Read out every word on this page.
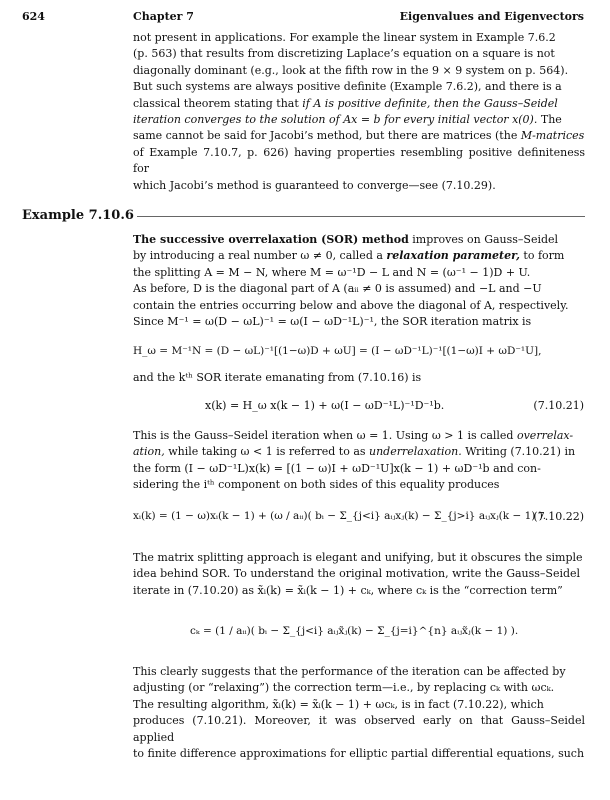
624	Chapter 7	Eigenvalues and Eigenvectors
not present in applications. For example the linear system in Example 7.6.2
(p. 563) that results from discretizing Laplace’s equation on a square is not
diagonally dominant (e.g., look at the fifth row in the 9 × 9 system on p. 564).
But such systems are always positive definite (Example 7.6.2), and there is a
classical theorem stating that if A is positive definite, then the Gauss–Seidel
iteration converges to the solution of Ax = b for every initial vector x(0). The
same cannot be said for Jacobi’s method, but there are matrices (the M-matrices
of Example 7.10.7, p. 626) having properties resembling positive definiteness for
which Jacobi’s method is guaranteed to converge—see (7.10.29).
Example 7.10.6
The successive overrelaxation (SOR) method improves on Gauss–Seidel
by introducing a real number ω ≠ 0, called a relaxation parameter, to form
the splitting A = M − N, where M = ω⁻¹D − L and N = (ω⁻¹ − 1)D + U.
As before, D is the diagonal part of A (aᵢᵢ ≠ 0 is assumed) and −L and −U
contain the entries occurring below and above the diagonal of A, respectively.
Since M⁻¹ = ω(D − ωL)⁻¹ = ω(I − ωD⁻¹L)⁻¹, the SOR iteration matrix is
H_ω = M⁻¹N = (D − ωL)⁻¹[(1−ω)D + ωU] = (I − ωD⁻¹L)⁻¹[(1−ω)I + ωD⁻¹U],
and the kᵗʰ SOR iterate emanating from (7.10.16) is
x(k) = H_ω x(k − 1) + ω(I − ωD⁻¹L)⁻¹D⁻¹b.	(7.10.21)
This is the Gauss–Seidel iteration when ω = 1. Using ω > 1 is called overrelax-
ation, while taking ω < 1 is referred to as underrelaxation. Writing (7.10.21) in
the form (I − ωD⁻¹L)x(k) = [(1 − ω)I + ωD⁻¹U]x(k − 1) + ωD⁻¹b and con-
sidering the iᵗʰ component on both sides of this equality produces
xᵢ(k) = (1 − ω)xᵢ(k − 1) + (ω / aᵢᵢ)( bᵢ − Σ_{j<i} aᵢⱼxⱼ(k) − Σ_{j>i} aᵢⱼxⱼ(k − 1) ).
(7.10.22)
The matrix splitting approach is elegant and unifying, but it obscures the simple
idea behind SOR. To understand the original motivation, write the Gauss–Seidel
iterate in (7.10.20) as x̃ᵢ(k) = x̃ᵢ(k − 1) + cₖ, where cₖ is the “correction term”
cₖ = (1 / aᵢᵢ)( bᵢ − Σ_{j<i} aᵢⱼx̃ⱼ(k) − Σ_{j=i}^{n} aᵢⱼx̃ⱼ(k − 1) ).
This clearly suggests that the performance of the iteration can be affected by
adjusting (or “relaxing”) the correction term—i.e., by replacing cₖ with ωcₖ.
The resulting algorithm, x̃ᵢ(k) = x̃ᵢ(k − 1) + ωcₖ, is in fact (7.10.22), which
produces (7.10.21). Moreover, it was observed early on that Gauss–Seidel applied
to finite difference approximations for elliptic partial differential equations, such
